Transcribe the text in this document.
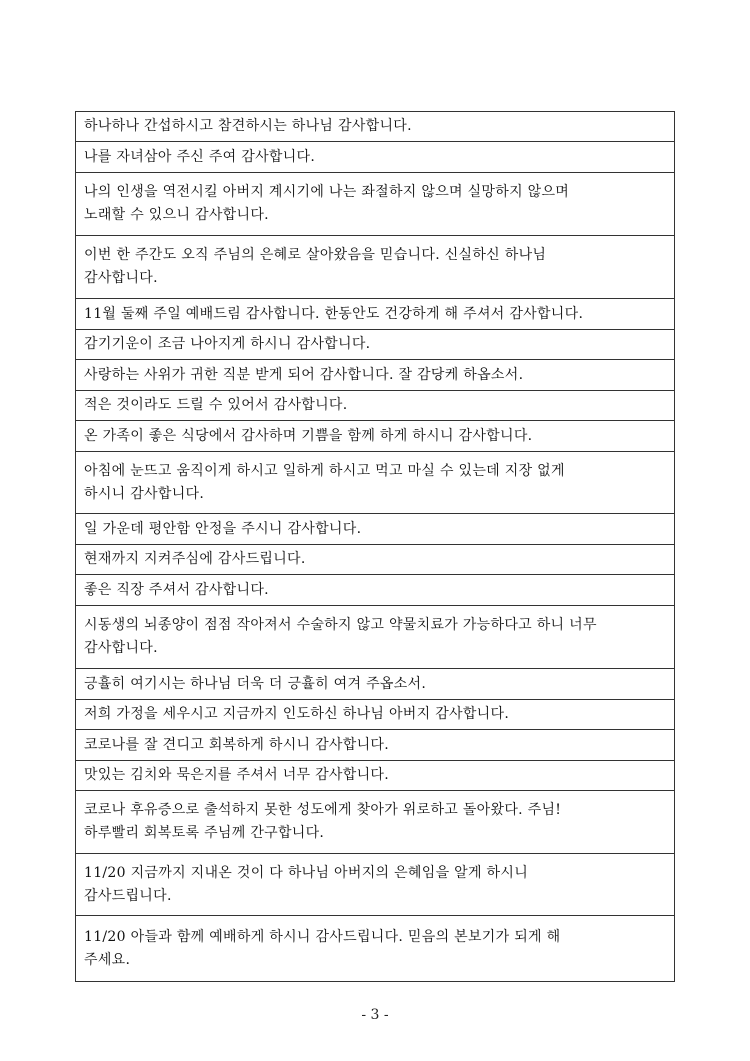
하나하나 간섭하시고 참견하시는 하나님 감사합니다.
나를 자녀삼아 주신 주여 감사합니다.
나의 인생을 역전시킬 아버지 계시기에 나는 좌절하지 않으며 실망하지 않으며
노래할 수 있으니 감사합니다.
이번 한 주간도 오직 주님의 은혜로 살아왔음을 믿습니다. 신실하신 하나님
감사합니다.
11월 둘째 주일 예배드림 감사합니다. 한동안도 건강하게 해 주셔서 감사합니다.
감기기운이 조금 나아지게 하시니 감사합니다.
사랑하는 사위가 귀한 직분 받게 되어 감사합니다. 잘 감당케 하옵소서.
적은 것이라도 드릴 수 있어서 감사합니다.
온 가족이 좋은 식당에서 감사하며 기쁨을 함께 하게 하시니 감사합니다.
아침에 눈뜨고 움직이게 하시고 일하게 하시고 먹고 마실 수 있는데 지장 없게
하시니 감사합니다.
일 가운데 평안함 안정을 주시니 감사합니다.
현재까지 지켜주심에 감사드립니다.
좋은 직장 주셔서 감사합니다.
시동생의 뇌종양이 점점 작아져서 수술하지 않고 약물치료가 가능하다고 하니 너무
감사합니다.
긍휼히 여기시는 하나님 더욱 더 긍휼히 여겨 주옵소서.
저희 가정을 세우시고 지금까지 인도하신 하나님 아버지 감사합니다.
코로나를 잘 견디고 회복하게 하시니 감사합니다.
맛있는 김치와 묵은지를 주셔서 너무 감사합니다.
코로나 후유증으로 출석하지 못한 성도에게 찾아가 위로하고 돌아왔다. 주님!
하루빨리 회복토록 주님께 간구합니다.
11/20 지금까지 지내온 것이 다 하나님 아버지의 은혜임을 알게 하시니
감사드립니다.
11/20 아들과 함께 예배하게 하시니 감사드립니다. 믿음의 본보기가 되게 해
주세요.
- 3 -
